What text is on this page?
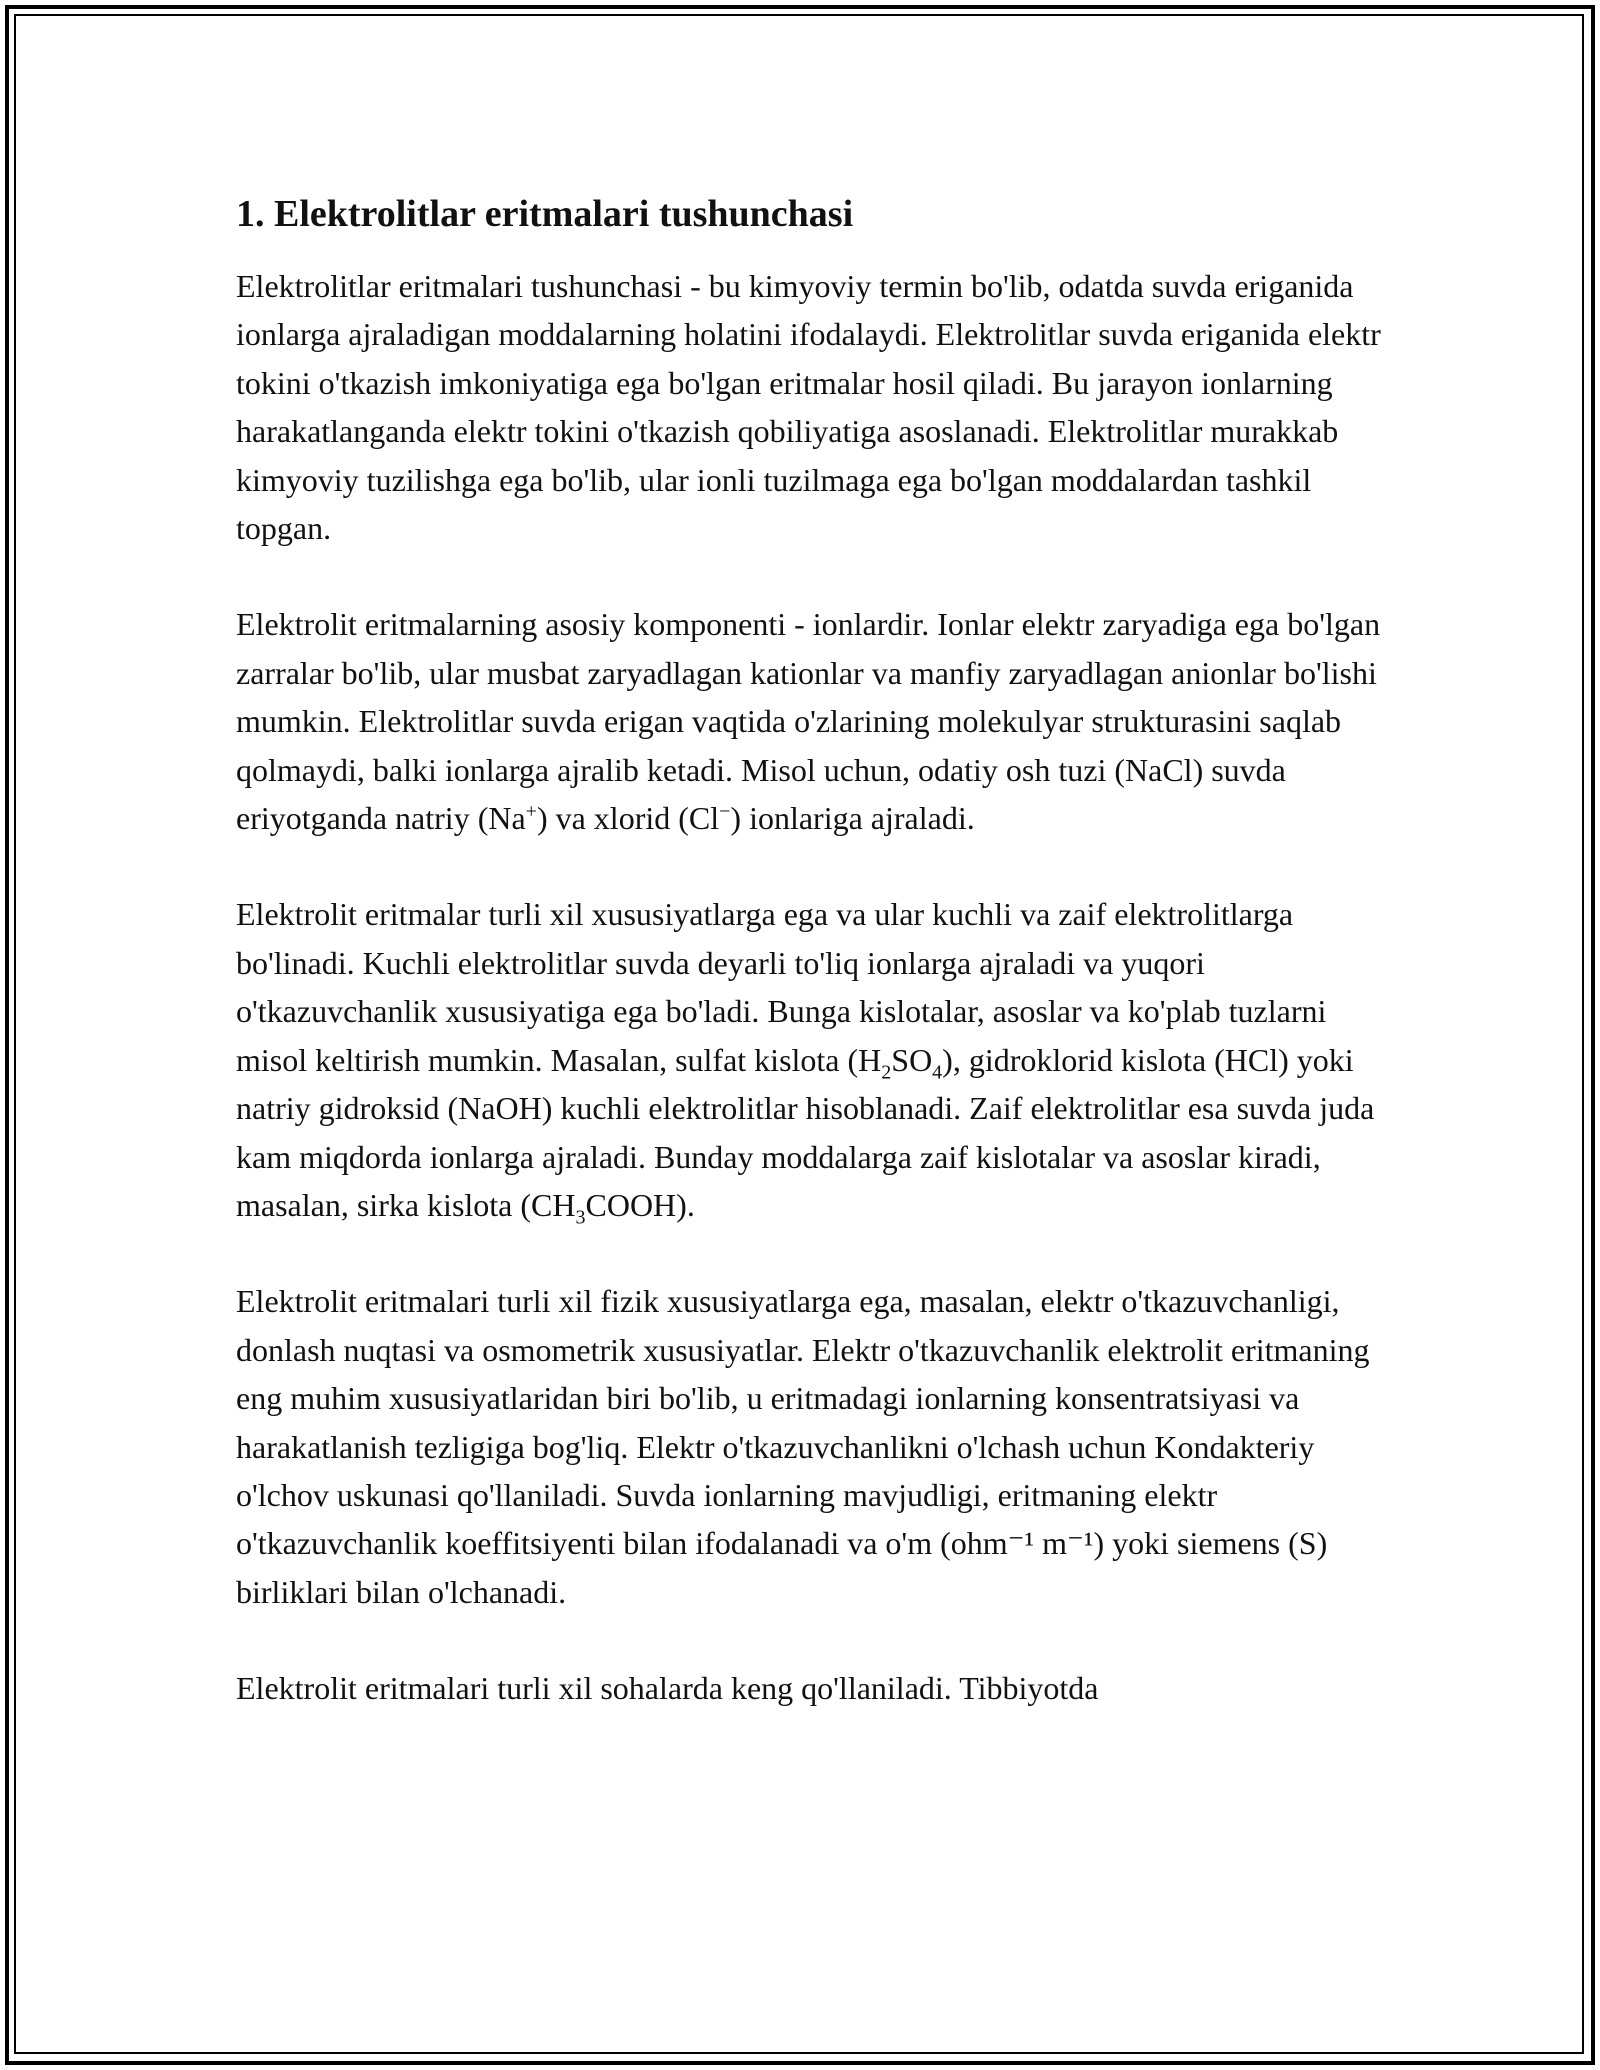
1. Elektrolitlar eritmalari tushunchasi

Elektrolitlar eritmalari tushunchasi - bu kimyoviy termin bo'lib, odatda suvda eriganida ionlarga ajraladigan moddalarning holatini ifodalaydi. Elektrolitlar suvda eriganida elektr tokini o'tkazish imkoniyatiga ega bo'lgan eritmalar hosil qiladi. Bu jarayon ionlarning harakatlanganda elektr tokini o'tkazish qobiliyatiga asoslanadi. Elektrolitlar murakkab kimyoviy tuzilishga ega bo'lib, ular ionli tuzilmaga ega bo'lgan moddalardan tashkil topgan.

Elektrolit eritmalarning asosiy komponenti - ionlardir. Ionlar elektr zaryadiga ega bo'lgan zarralar bo'lib, ular musbat zaryadlagan kationlar va manfiy zaryadlagan anionlar bo'lishi mumkin. Elektrolitlar suvda erigan vaqtida o'zlarining molekulyar strukturasini saqlab qolmaydi, balki ionlarga ajralib ketadi. Misol uchun, odatiy osh tuzi (NaCl) suvda eriyotganda natriy (Na+) va xlorid (Cl−) ionlariga ajraladi.

Elektrolit eritmalar turli xil xususiyatlarga ega va ular kuchli va zaif elektrolitlarga bo'linadi. Kuchli elektrolitlar suvda deyarli to'liq ionlarga ajraladi va yuqori o'tkazuvchanlik xususiyatiga ega bo'ladi. Bunga kislotalar, asoslar va ko'plab tuzlarni misol keltirish mumkin. Masalan, sulfat kislota $(H_2SO_4)$, gidroklorid kislota (HCl) yoki natriy gidroksid (NaOH) kuchli elektrolitlar hisoblanadi. Zaif elektrolitlar esa suvda juda kam miqdorda ionlarga ajraladi. Bunday moddalarga zaif kislotalar va asoslar kiradi, masalan, sirka kislota $(CH_3COOH)$.

Elektrolit eritmalari turli xil fizik xususiyatlarga ega, masalan, elektr o'tkazuvchanligi, donlash nuqtasi va osmometrik xususiyatlar. Elektr o'tkazuvchanlik elektrolit eritmaning eng muhim xususiyatlaridan biri bo'lib, u eritmadagi ionlarning konsentratsiyasi va harakatlanish tezligiga bog'liq. Elektr o'tkazuvchanlikni o'lchash uchun Kondakteriy o'lchov uskunasi qo'llaniladi. Suvda ionlarning mavjudligi, eritmaning elektr o'tkazuvchanlik koeffitsiyenti bilan ifodalanadi va o'm (ohm⁻¹ m⁻¹) yoki siemens (S) birliklari bilan o'lchanadi.

Elektrolit eritmalari turli xil sohalarda keng qo'llaniladi. Tibbiyotda
